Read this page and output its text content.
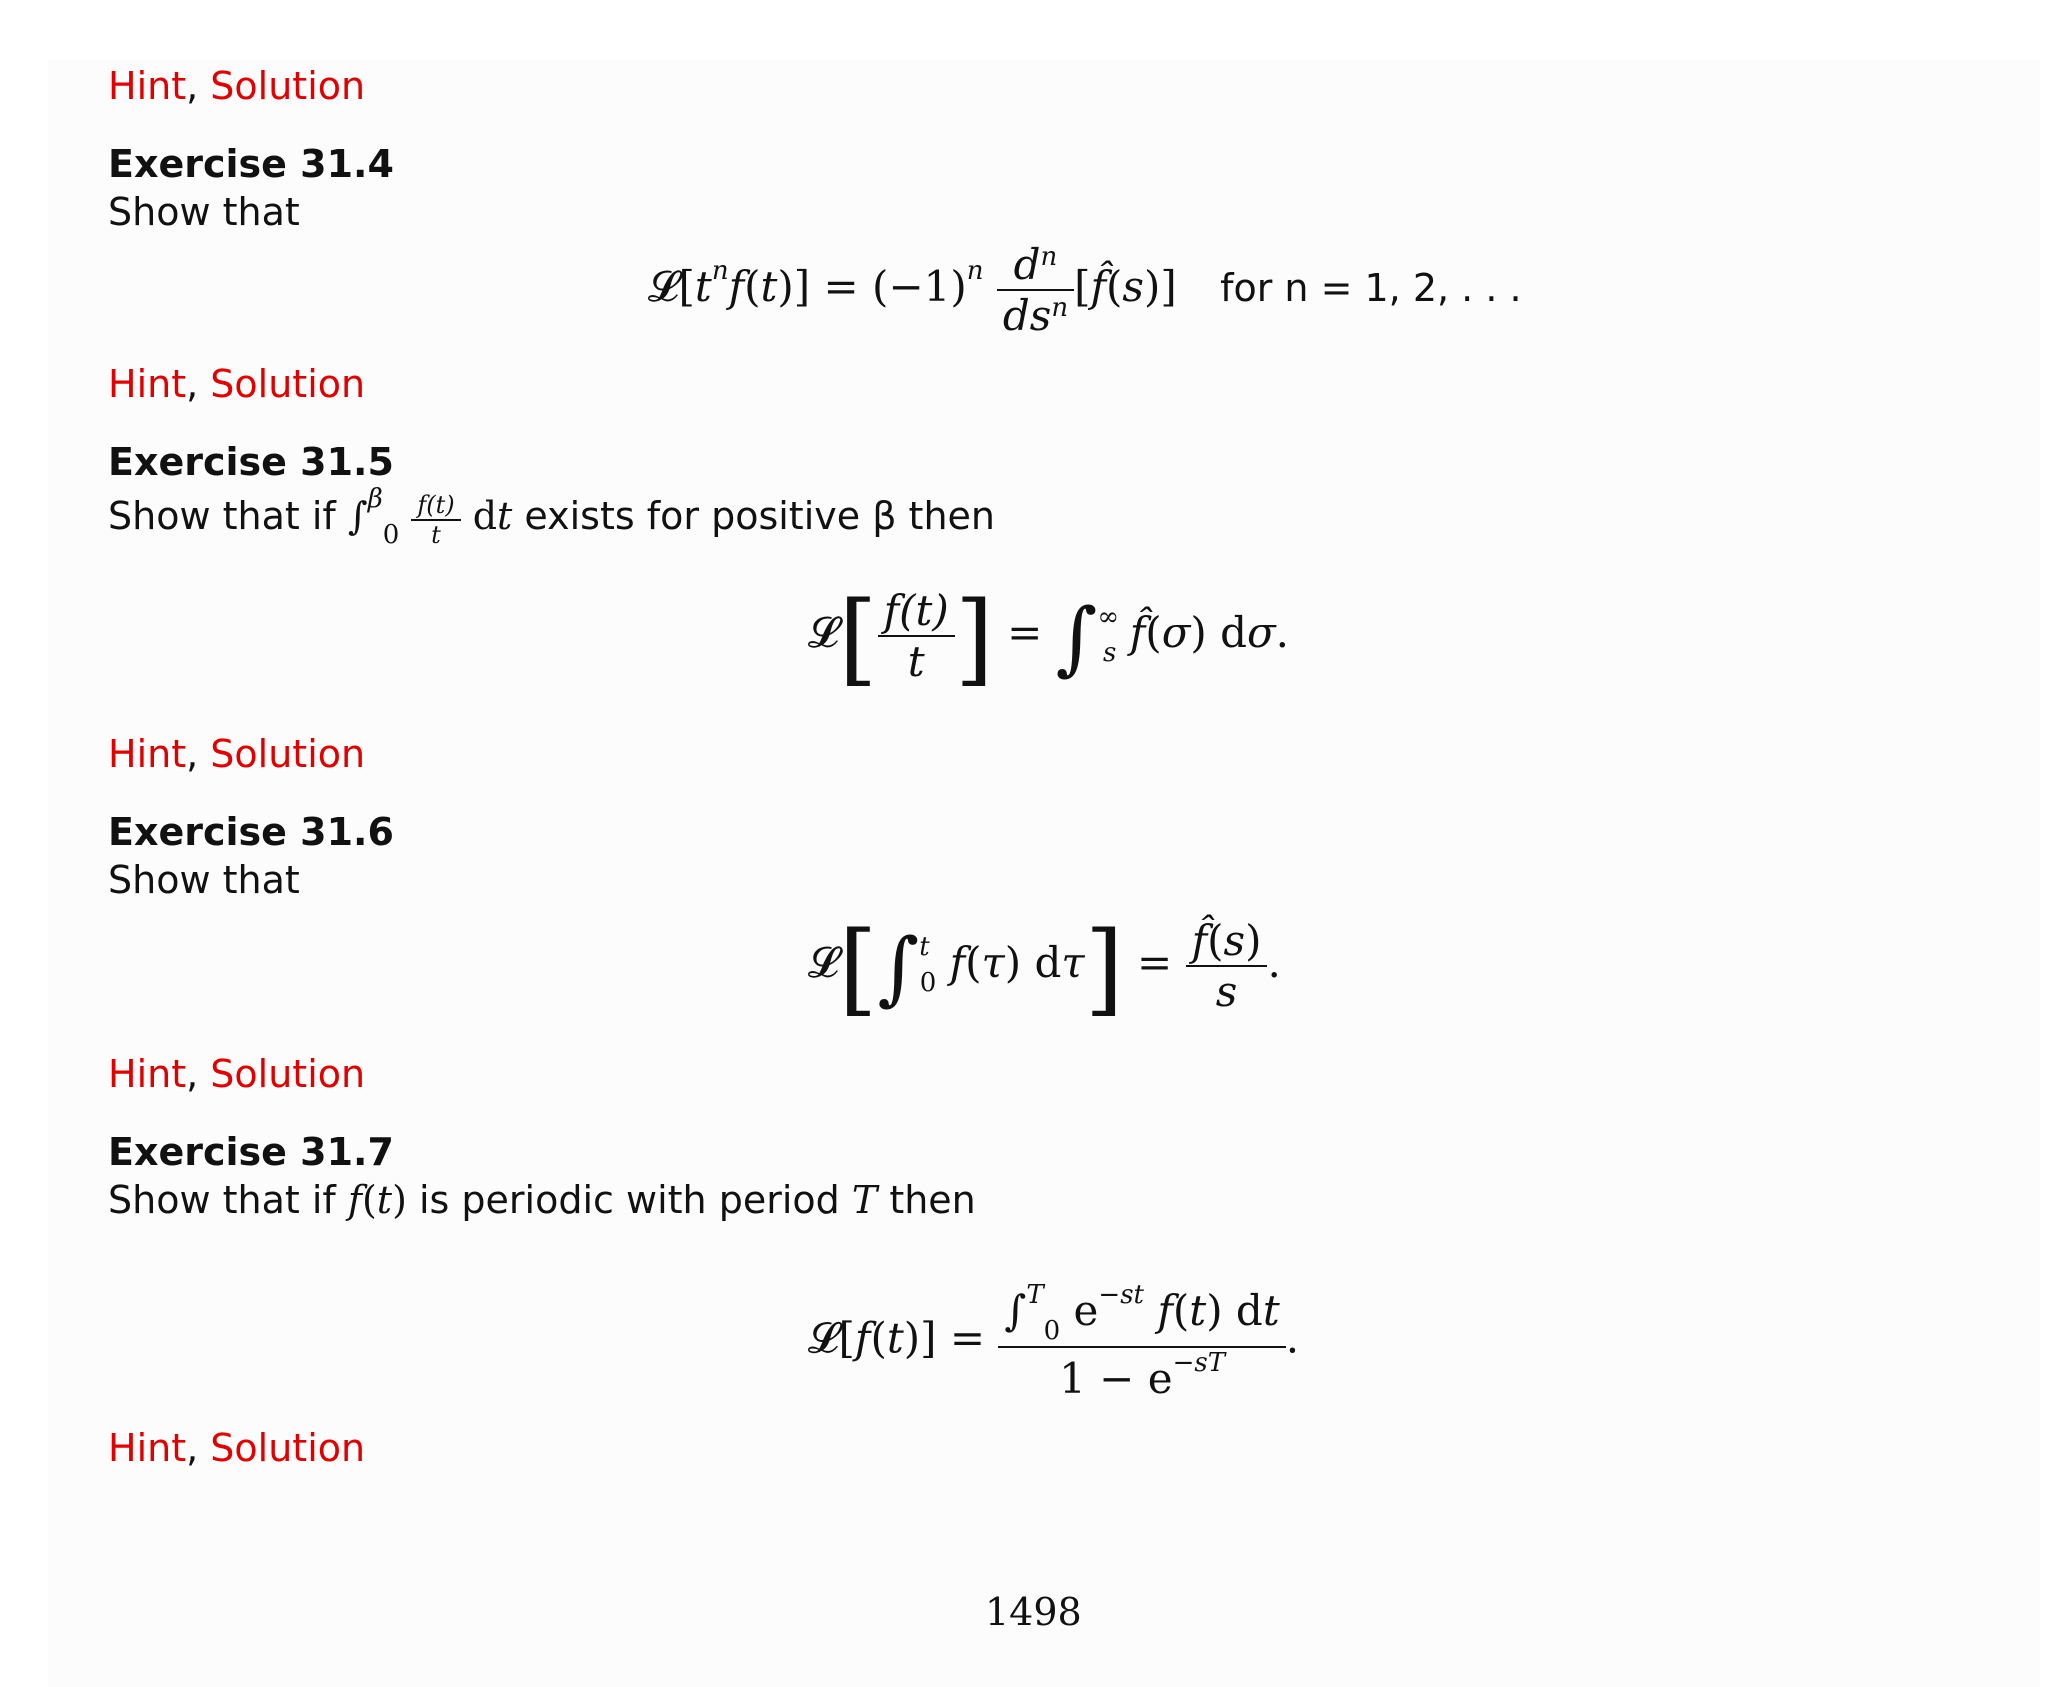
Hint, Solution
Exercise 31.4
Show that
$𝓛[t^nf(t)] = (-1)^n \frac{d^n}{ds^n}$ [f̂(s)] for n = 1, 2, . . .
Hint, Solution
Exercise 31.5
Show that if $\int^\beta_0 \frac{f(t)}{t}$ dt exists for positive β then
𝓛[ $\frac{f(t)}{t}$ ] = $\int^\infty_s$ f̂(σ) dσ.
Hint, Solution
Exercise 31.6
Show that
𝓛[∫$^t_0$ f(τ) $d\tau] = \frac{f̂(s)}{s}$ .
Hint, Solution
Exercise 31.7
Show that if f(t) is periodic with period T then
𝓛[f(t)] = $\frac{\int^T_0 e^{-st} f(t) dt}{1 - e^{-sT}}$ .
Hint, Solution
1498
